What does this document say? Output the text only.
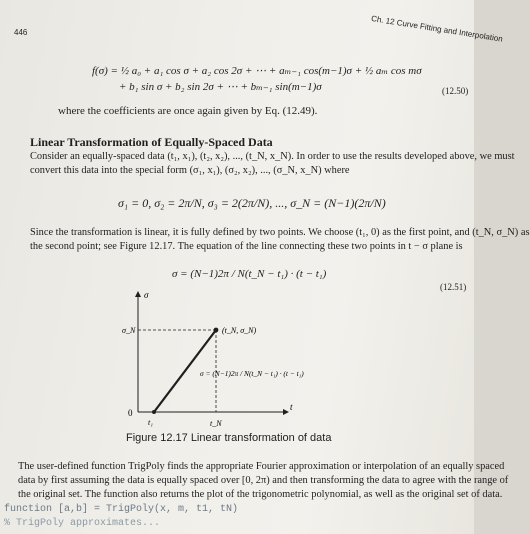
446	Ch. 12 Curve Fitting and Interpolation
f(σ) = ½ a₀ + a₁ cos σ + a₂ cos 2σ + ⋯ + aₘ₋₁ cos(m−1)σ + ½ aₘ cos mσ
+ b₁ sin σ + b₂ sin 2σ + ⋯ + bₘ₋₁ sin(m−1)σ	(12.50)
where the coefficients are once again given by Eq. (12.49).
Linear Transformation of Equally-Spaced Data
Consider an equally-spaced data (t₁, x₁), (t₂, x₂), ..., (t_N, x_N). In order to use the results developed above, we must
convert this data into the special form (σ₁, x₁), (σ₂, x₂), ..., (σ_N, x_N) where
σ₁ = 0, σ₂ = 2π/N, σ₃ = 2(2π/N), ..., σ_N = (N−1)(2π/N)
Since the transformation is linear, it is fully defined by two points. We choose (t₁, 0) as the first point, and (t_N, σ_N) as
the second point; see Figure 12.17. The equation of the line connecting these two points in t − σ plane is
σ = (N−1)2π / N(t_N − t₁) · (t − t₁)
(12.51)
σ
t
0
t₁	t_N
σ_N	(t_N, σ_N)
σ = (N−1)2π / N(t_N − t₁) · (t − t₁)
Figure 12.17 Linear transformation of data
The user-defined function TrigPoly finds the appropriate Fourier approximation or interpolation of an equally spaced
data by first assuming the data is equally spaced over [0, 2π) and then transforming the data to agree with the range of
the original set. The function also returns the plot of the trigonometric polynomial, as well as the original set of data.
function [a,b] = TrigPoly(x, m, t1, tN)
% TrigPoly approximates...
